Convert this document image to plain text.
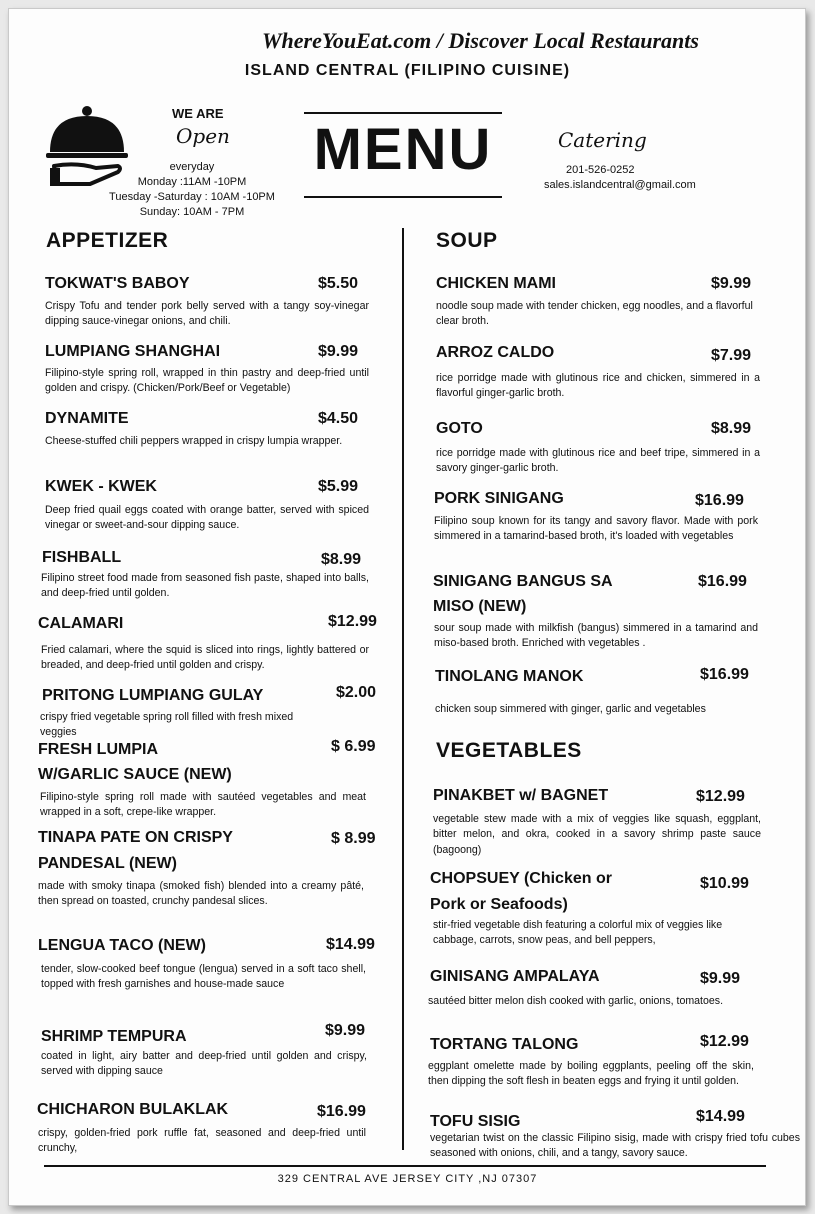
WhereYouEat.com / Discover Local Restaurants
ISLAND CENTRAL (FILIPINO CUISINE)
WE ARE
Open
everyday
Monday :11AM -10PM
Tuesday -Saturday : 10AM -10PM
Sunday: 10AM - 7PM
MENU	Catering
201-526-0252
sales.islandcentral@gmail.com
APPETIZER
TOKWAT'S BABOY	$5.50
Crispy Tofu and tender pork belly served with a tangy soy-vinegar dipping sauce-vinegar onions, and chili.
LUMPIANG SHANGHAI	$9.99
Filipino-style spring roll, wrapped in thin pastry and deep-fried until golden and crispy. (Chicken/Pork/Beef or Vegetable)
DYNAMITE	$4.50
Cheese-stuffed chili peppers wrapped in crispy lumpia wrapper.
KWEK - KWEK	$5.99
Deep fried quail eggs coated with orange batter, served with spiced vinegar or sweet-and-sour dipping sauce.
FISHBALL	$8.99
Filipino street food made from seasoned fish paste, shaped into balls, and deep-fried until golden.
CALAMARI	$12.99
Fried calamari, where the squid is sliced into rings, lightly battered or breaded, and deep-fried until golden and crispy.
PRITONG LUMPIANG GULAY	$2.00
crispy fried vegetable spring roll filled with fresh mixed veggies
FRESH LUMPIA
W/GARLIC SAUCE (NEW)
$ 6.99
Filipino-style spring roll made with sautéed vegetables and meat wrapped in a soft, crepe-like wrapper.
TINAPA PATE ON CRISPY
PANDESAL (NEW)
$ 8.99
made with smoky tinapa (smoked fish) blended into a creamy pâté, then spread on toasted, crunchy pandesal slices.
LENGUA TACO (NEW)	$14.99
tender, slow-cooked beef tongue (lengua) served in a soft taco shell, topped with fresh garnishes and house-made sauce
SHRIMP TEMPURA	$9.99
coated in light, airy batter and deep-fried until golden and crispy, served with dipping sauce
CHICHARON BULAKLAK	$16.99
crispy, golden-fried pork ruffle fat, seasoned and deep-fried until crunchy,
SOUP
CHICKEN MAMI	$9.99
noodle soup made with tender chicken, egg noodles, and a flavorful clear broth.
ARROZ CALDO	$7.99
rice porridge made with glutinous rice and chicken, simmered in a flavorful ginger-garlic broth.
GOTO	$8.99
rice porridge made with glutinous rice and beef tripe, simmered in a savory ginger-garlic broth.
PORK SINIGANG	$16.99
Filipino soup known for its tangy and savory flavor. Made with pork simmered in a tamarind-based broth, it's loaded with vegetables
SINIGANG BANGUS SA
MISO (NEW)
$16.99
sour soup made with milkfish (bangus) simmered in a tamarind and miso-based broth. Enriched with vegetables .
TINOLANG MANOK	$16.99
chicken soup simmered with ginger, garlic and vegetables
VEGETABLES
PINAKBET w/ BAGNET	$12.99
vegetable stew made with a mix of veggies like squash, eggplant, bitter melon, and okra, cooked in a savory shrimp paste sauce (bagoong)
CHOPSUEY (Chicken or
Pork or Seafoods)
$10.99
stir-fried vegetable dish featuring a colorful mix of veggies like cabbage, carrots, snow peas, and bell peppers,
GINISANG AMPALAYA	$9.99
sautéed bitter melon dish cooked with garlic, onions, tomatoes.
TORTANG TALONG	$12.99
eggplant omelette made by boiling eggplants, peeling off the skin, then dipping the soft flesh in beaten eggs and frying it until golden.
TOFU SISIG	$14.99
vegetarian twist on the classic Filipino sisig, made with crispy fried tofu cubes seasoned with onions, chili, and a tangy, savory sauce.
329 CENTRAL AVE JERSEY CITY ,NJ 07307
